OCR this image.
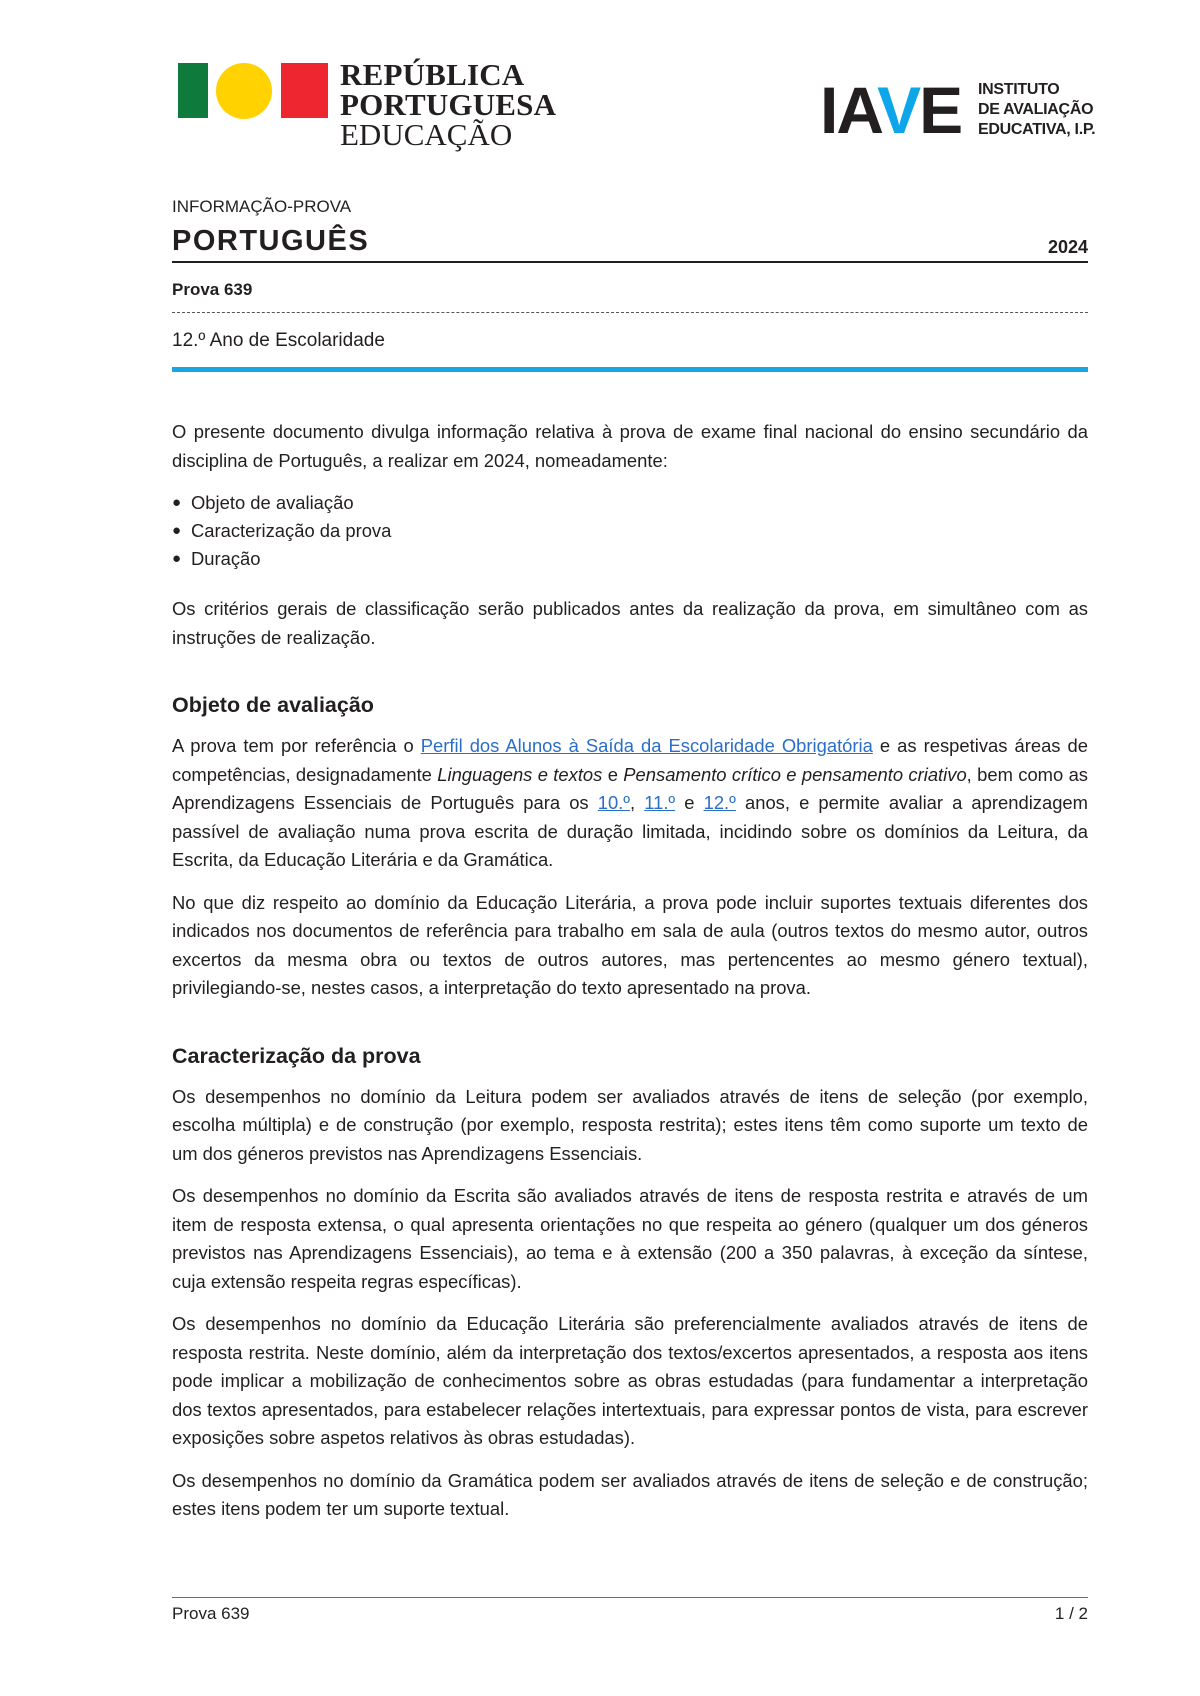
REPÚBLICA
PORTUGUESA
EDUCAÇÃO	IAVE INSTITUTO
DE AVALIAÇÃO
EDUCATIVA, I.P.
INFORMAÇÃO-PROVA
PORTUGUÊS	2024
Prova 639
12.º Ano de Escolaridade

O presente documento divulga informação relativa à prova de exame final nacional do ensino secundário da disciplina de Português, a realizar em 2024, nomeadamente:

● Objeto de avaliação
● Caracterização da prova
● Duração

Os critérios gerais de classificação serão publicados antes da realização da prova, em simultâneo com as instruções de realização.

Objeto de avaliação

A prova tem por referência o Perfil dos Alunos à Saída da Escolaridade Obrigatória e as respetivas áreas de competências, designadamente Linguagens e textos e Pensamento crítico e pensamento criativo, bem como as Aprendizagens Essenciais de Português para os 10.º, 11.º e 12.º anos, e permite avaliar a aprendizagem passível de avaliação numa prova escrita de duração limitada, incidindo sobre os domínios da Leitura, da Escrita, da Educação Literária e da Gramática.

No que diz respeito ao domínio da Educação Literária, a prova pode incluir suportes textuais diferentes dos indicados nos documentos de referência para trabalho em sala de aula (outros textos do mesmo autor, outros excertos da mesma obra ou textos de outros autores, mas pertencentes ao mesmo género textual), privilegiando-se, nestes casos, a interpretação do texto apresentado na prova.

Caracterização da prova

Os desempenhos no domínio da Leitura podem ser avaliados através de itens de seleção (por exemplo, escolha múltipla) e de construção (por exemplo, resposta restrita); estes itens têm como suporte um texto de um dos géneros previstos nas Aprendizagens Essenciais.

Os desempenhos no domínio da Escrita são avaliados através de itens de resposta restrita e através de um item de resposta extensa, o qual apresenta orientações no que respeita ao género (qualquer um dos géneros previstos nas Aprendizagens Essenciais), ao tema e à extensão (200 a 350 palavras, à exceção da síntese, cuja extensão respeita regras específicas).

Os desempenhos no domínio da Educação Literária são preferencialmente avaliados através de itens de resposta restrita. Neste domínio, além da interpretação dos textos/excertos apresentados, a resposta aos itens pode implicar a mobilização de conhecimentos sobre as obras estudadas (para fundamentar a interpretação dos textos apresentados, para estabelecer relações intertextuais, para expressar pontos de vista, para escrever exposições sobre aspetos relativos às obras estudadas).

Os desempenhos no domínio da Gramática podem ser avaliados através de itens de seleção e de construção; estes itens podem ter um suporte textual.

Prova 639	1 / 2
